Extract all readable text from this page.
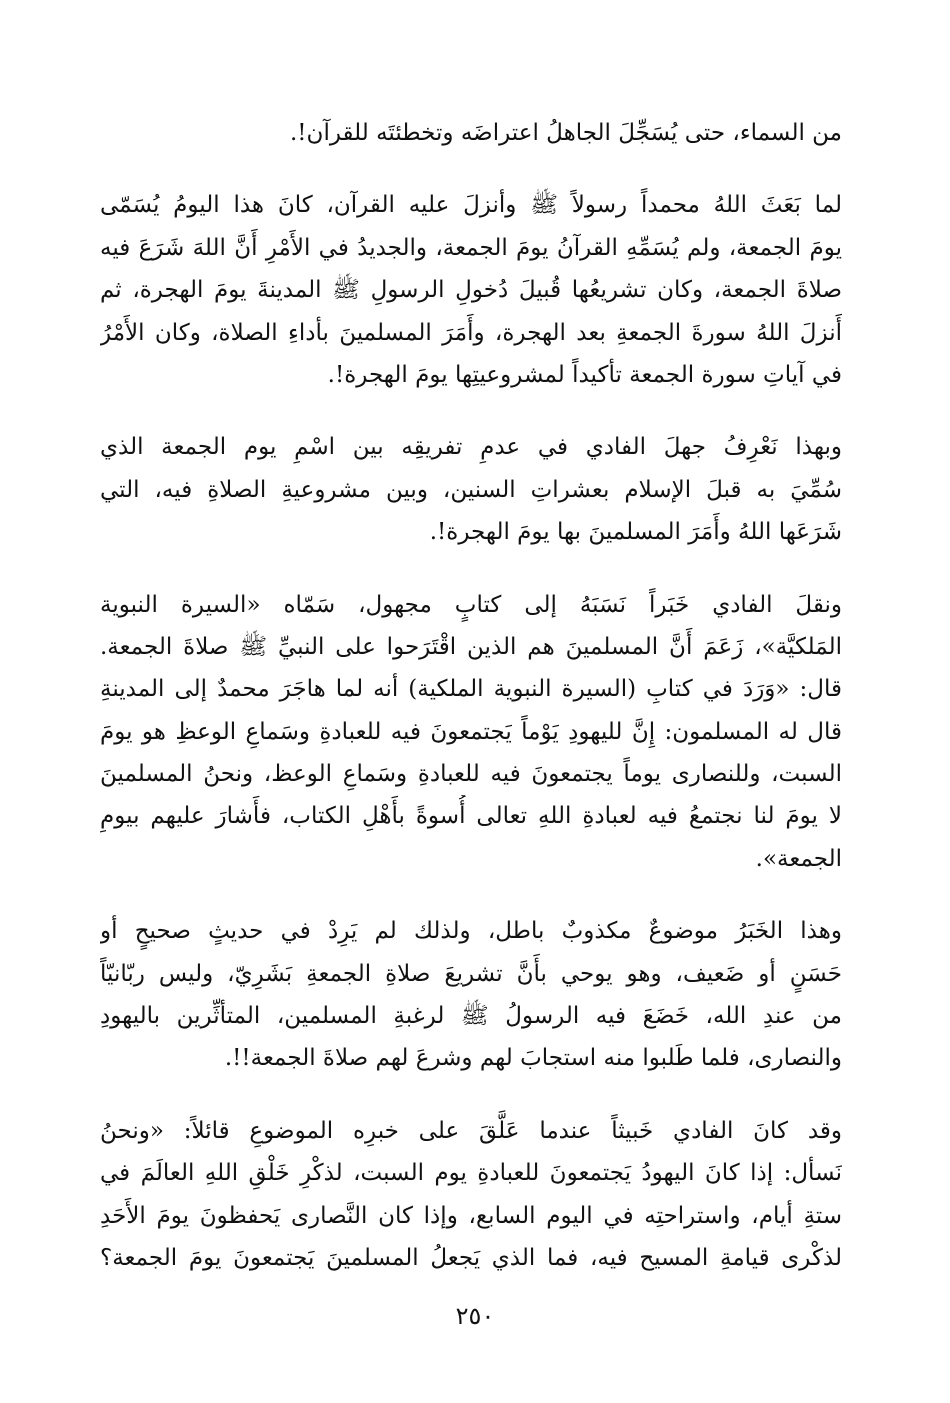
من السماء، حتى يُسَجِّلَ الجاهلُ اعتراضَه وتخطئتَه للقرآن!.
لما بَعَثَ اللهُ محمداً رسولاً ﷺ وأنزلَ عليه القرآن، كانَ هذا اليومُ يُسَمّى
يومَ الجمعة، ولم يُسَمِّهِ القرآنُ يومَ الجمعة، والجديدُ في الأَمْرِ أَنَّ اللهَ شَرَعَ فيه
صلاةَ الجمعة، وكان تشريعُها قُبيلَ دُخولِ الرسولِ ﷺ المدينةَ يومَ الهجرة، ثم
أَنزلَ اللهُ سورةَ الجمعةِ بعد الهجرة، وأَمَرَ المسلمينَ بأداءِ الصلاة، وكان الأَمْرُ
في آياتِ سورة الجمعة تأكيداً لمشروعيتِها يومَ الهجرة!.
وبهذا نَعْرِفُ جهلَ الفادي في عدمِ تفريقِه بين اسْمِ يوم الجمعة الذي
سُمِّيَ به قبلَ الإسلام بعشراتِ السنين، وبين مشروعيةِ الصلاةِ فيه، التي
شَرَعَها اللهُ وأَمَرَ المسلمينَ بها يومَ الهجرة!.
ونقلَ الفادي خَبَراً نَسَبَهُ إلى كتابٍ مجهول، سَمّاه «السيرة النبوية
المَلكيَّة»، زَعَمَ أَنَّ المسلمينَ هم الذين اقْتَرَحوا على النبيِّ ﷺ صلاةَ الجمعة.
قال: «وَرَدَ في كتابِ (السيرة النبوية الملكية) أنه لما هاجَرَ محمدٌ إلى المدينةِ
قال له المسلمون: إِنَّ لليهودِ يَوْماً يَجتمعونَ فيه للعبادةِ وسَماعِ الوعظِ هو يومَ
السبت، وللنصارى يوماً يجتمعونَ فيه للعبادةِ وسَماعِ الوعظ، ونحنُ المسلمينَ
لا يومَ لنا نجتمعُ فيه لعبادةِ اللهِ تعالى أُسوةً بأَهْلِ الكتاب، فأَشارَ عليهم بيومِ
الجمعة».
وهذا الخَبَرُ موضوعٌ مكذوبٌ باطل، ولذلك لم يَرِدْ في حديثٍ صحيحٍ أو
حَسَنٍ أو ضَعيف، وهو يوحي بأَنَّ تشريعَ صلاةِ الجمعةِ بَشَرِيّ، وليس ربّانيّاً
من عندِ الله، خَضَعَ فيه الرسولُ ﷺ لرغبةِ المسلمين، المتأثِّرين باليهودِ
والنصارى، فلما طَلبوا منه استجابَ لهم وشرعَ لهم صلاةَ الجمعة!!.
وقد كانَ الفادي خَبيثاً عندما عَلَّقَ على خبرِه الموضوعِ قائلاً: «ونحنُ
نَسأل: إذا كانَ اليهودُ يَجتمعونَ للعبادةِ يوم السبت، لذكْرِ خَلْقِ اللهِ العالَمَ في
ستةِ أيام، واستراحتِه في اليوم السابع، وإذا كان النَّصارى يَحفظونَ يومَ الأَحَدِ
لذكْرى قيامةِ المسيح فيه، فما الذي يَجعلُ المسلمينَ يَجتمعونَ يومَ الجمعة؟
٢٥٠
